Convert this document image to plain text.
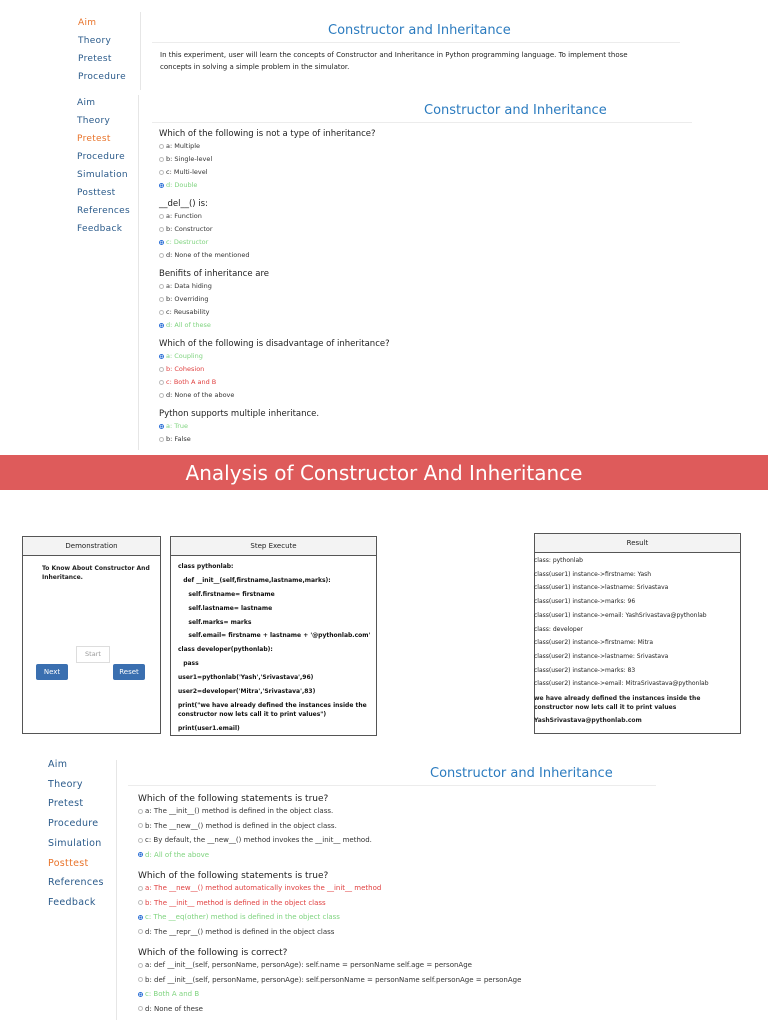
Aim
Theory
Pretest
Procedure
Constructor and Inheritance
In this experiment, user will learn the concepts of Constructor and Inheritance in Python programming language. To implement those
concepts in solving a simple problem in the simulator.
Aim
Theory
Pretest
Procedure
Simulation
Posttest
References
Feedback
Constructor and Inheritance
Which of the following is not a type of inheritance?
a: Multiple
b: Single-level
c: Multi-level
d: Double
__del__() is:
a: Function
b: Constructor
c: Destructor
d: None of the mentioned
Benifits of inheritance are
a: Data hiding
b: Overriding
c: Reusability
d: All of these
Which of the following is disadvantage of inheritance?
a: Coupling
b: Cohesion
c: Both A and B
d: None of the above
Python supports multiple inheritance.
a: True
b: False
Analysis of Constructor And Inheritance
Demonstration
To Know About Constructor And
Inheritance.
Start
Next	Reset
Step Execute
class pythonlab:
def __init__(self,firstname,lastname,marks):
self.firstname= firstname
self.lastname= lastname
self.marks= marks
self.email= firstname + lastname + '@pythonlab.com'
class developer(pythonlab):
pass
user1=pythonlab('Yash','Srivastava',96)
user2=developer('Mitra','Srivastava',83)
print("we have already defined the instances inside the
constructor now lets call it to print values")
print(user1.email)
Result
class: pythonlab
class(user1) instance->firstname: Yash
class(user1) instance->lastname: Srivastava
class(user1) instance->marks: 96
class(user1) instance->email: YashSrivastava@pythonlab
class: developer
class(user2) instance->firstname: Mitra
class(user2) instance->lastname: Srivastava
class(user2) instance->marks: 83
class(user2) instance->email: MitraSrivastava@pythonlab
we have already defined the instances inside the
constructor now lets call it to print values
YashSrivastava@pythonlab.com
Aim
Theory
Pretest
Procedure
Simulation
Posttest
References
Feedback
Constructor and Inheritance
Which of the following statements is true?
a: The __init__() method is defined in the object class.
b: The __new__() method is defined in the object class.
c: By default, the __new__() method invokes the __init__ method.
d: All of the above
Which of the following statements is true?
a: The __new__() method automatically invokes the __init__ method
b: The __init__ method is defined in the object class
c: The __eq(other) method is defined in the object class
d: The __repr__() method is defined in the object class
Which of the following is correct?
a: def __init__(self, personName, personAge): self.name = personName self.age = personAge
b: def __init__(self, personName, personAge): self.personName = personName self.personAge = personAge
c: Both A and B
d: None of these
